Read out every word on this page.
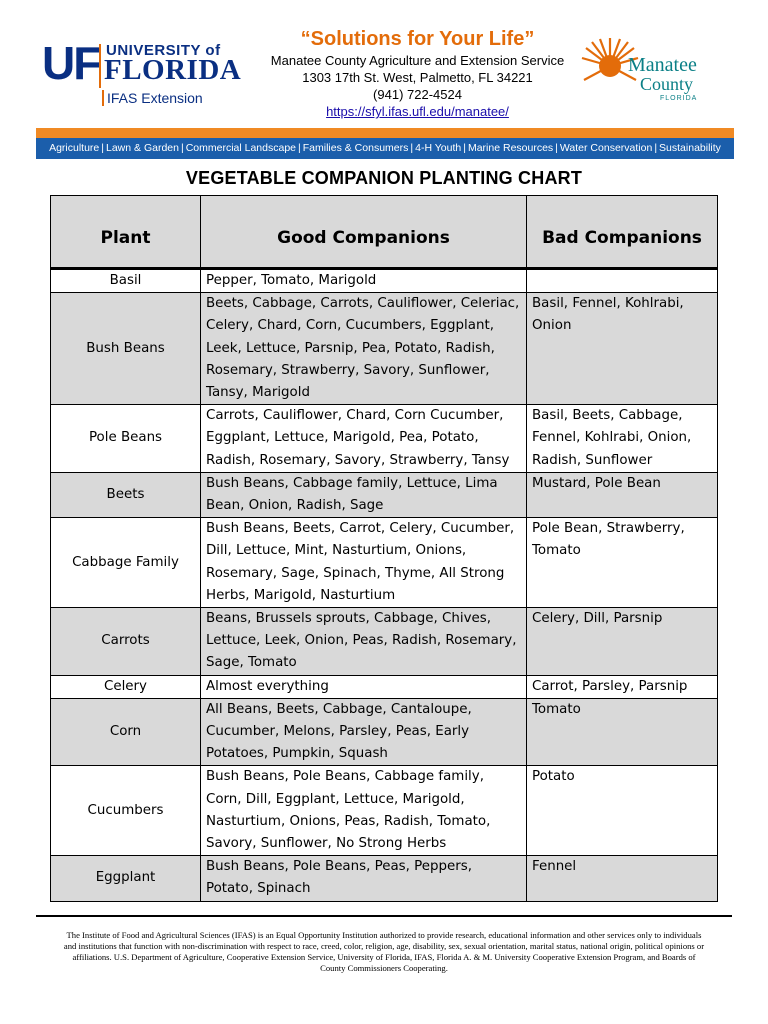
UF UNIVERSITY of
FLORIDA
IFAS Extension
“Solutions for Your Life”
Manatee County Agriculture and Extension Service
1303 17th St. West, Palmetto, FL 34221
(941) 722-4524
https://sfyl.ifas.ufl.edu/manatee/
Manatee
County
FLORIDA
Agriculture | Lawn & Garden | Commercial Landscape | Families & Consumers | 4-H Youth | Marine Resources | Water Conservation | Sustainability
VEGETABLE COMPANION PLANTING CHART
Plant	Good Companions	Bad Companions
Basil	Pepper, Tomato, Marigold	
Bush Beans	Beets, Cabbage, Carrots, Cauliflower, Celeriac, Celery, Chard, Corn, Cucumbers, Eggplant, Leek, Lettuce, Parsnip, Pea, Potato, Radish, Rosemary, Strawberry, Savory, Sunflower, Tansy, Marigold	Basil, Fennel, Kohlrabi, Onion
Pole Beans	Carrots, Cauliflower, Chard, Corn Cucumber, Eggplant, Lettuce, Marigold, Pea, Potato, Radish, Rosemary, Savory, Strawberry, Tansy	Basil, Beets, Cabbage, Fennel, Kohlrabi, Onion, Radish, Sunflower
Beets	Bush Beans, Cabbage family, Lettuce, Lima Bean, Onion, Radish, Sage	Mustard, Pole Bean
Cabbage Family	Bush Beans, Beets, Carrot, Celery, Cucumber, Dill, Lettuce, Mint, Nasturtium, Onions, Rosemary, Sage, Spinach, Thyme, All Strong Herbs, Marigold, Nasturtium	Pole Bean, Strawberry, Tomato
Carrots	Beans, Brussels sprouts, Cabbage, Chives, Lettuce, Leek, Onion, Peas, Radish, Rosemary, Sage, Tomato	Celery, Dill, Parsnip
Celery	Almost everything	Carrot, Parsley, Parsnip
Corn	All Beans, Beets, Cabbage, Cantaloupe, Cucumber, Melons, Parsley, Peas, Early Potatoes, Pumpkin, Squash	Tomato
Cucumbers	Bush Beans, Pole Beans, Cabbage family, Corn, Dill, Eggplant, Lettuce, Marigold, Nasturtium, Onions, Peas, Radish, Tomato, Savory, Sunflower, No Strong Herbs	Potato
Eggplant	Bush Beans, Pole Beans, Peas, Peppers, Potato, Spinach	Fennel
The Institute of Food and Agricultural Sciences (IFAS) is an Equal Opportunity Institution authorized to provide research, educational information and other services only to individuals and institutions that function with non-discrimination with respect to race, creed, color, religion, age, disability, sex, sexual orientation, marital status, national origin, political opinions or affiliations. U.S. Department of Agriculture, Cooperative Extension Service, University of Florida, IFAS, Florida A. & M. University Cooperative Extension Program, and Boards of County Commissioners Cooperating.
